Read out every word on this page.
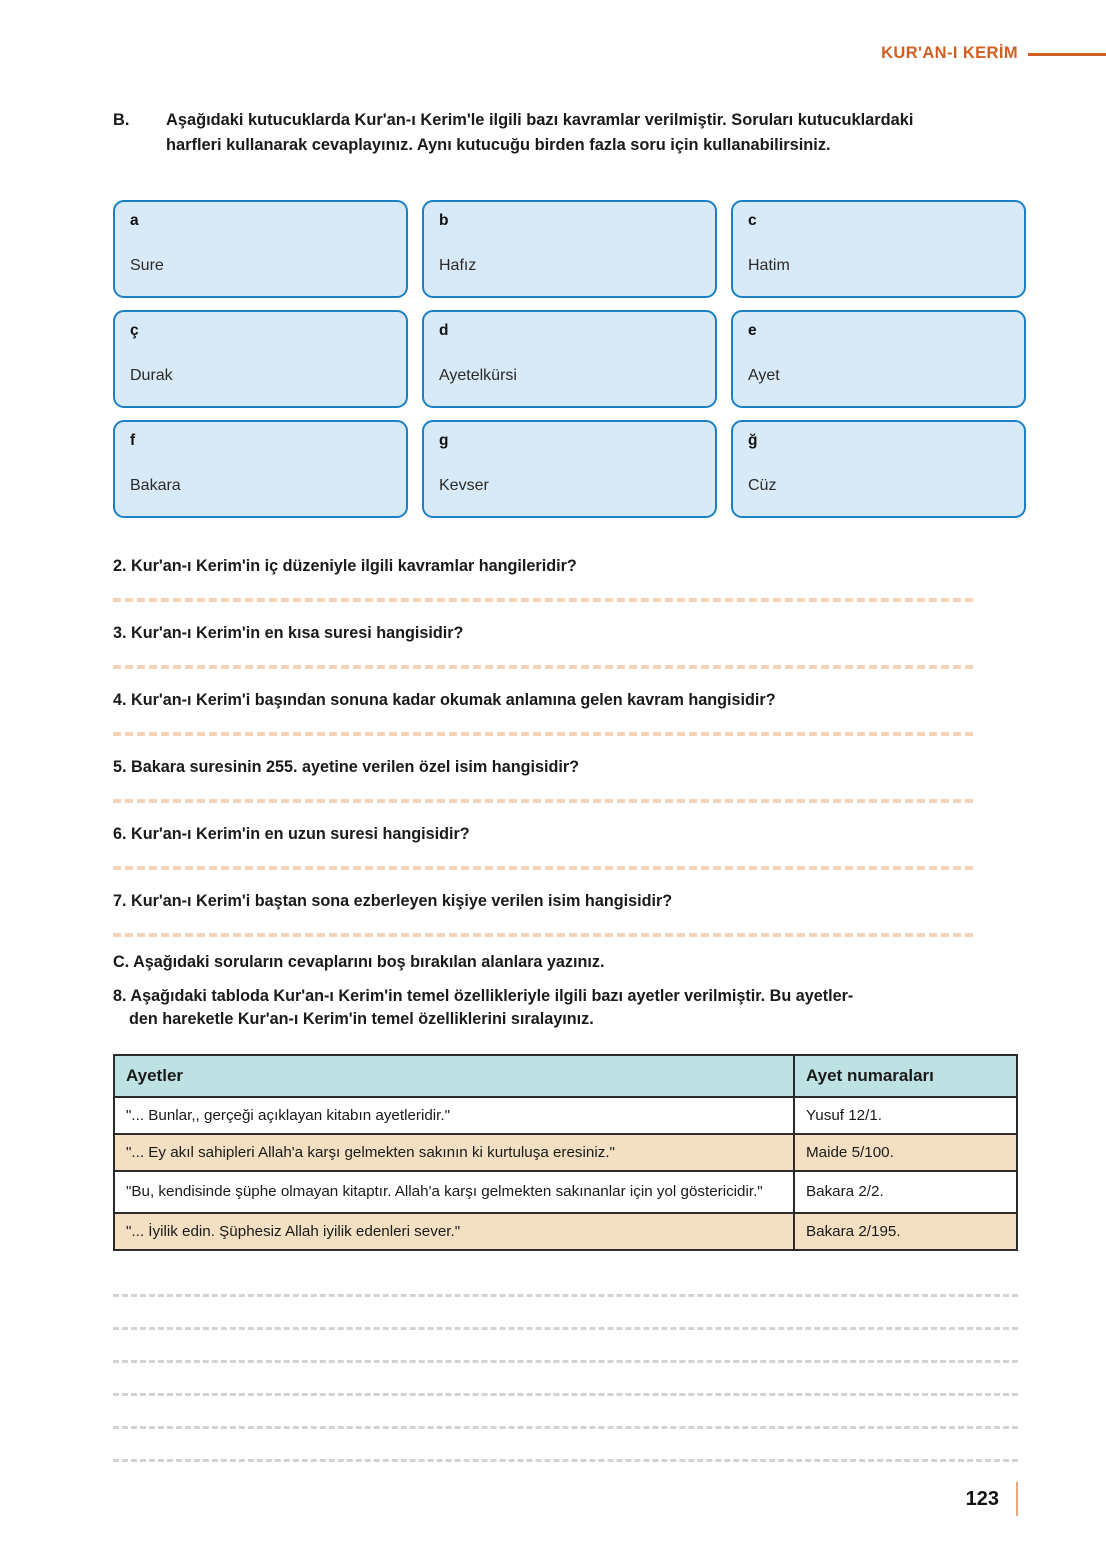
KUR'AN-I KERİM
B.	Aşağıdaki kutucuklarda Kur'an-ı Kerim'le ilgili bazı kavramlar verilmiştir. Soruları kutucuklardaki harfleri kullanarak cevaplayınız. Aynı kutucuğu birden fazla soru için kullanabilirsiniz.
a
Sure
b
Hafız
c
Hatim
ç
Durak
d
Ayetelkürsi
e
Ayet
f
Bakara
g
Kevser
ğ
Cüz
2. Kur'an-ı Kerim'in iç düzeniyle ilgili kavramlar hangileridir?
3. Kur'an-ı Kerim'in en kısa suresi hangisidir?
4. Kur'an-ı Kerim'i başından sonuna kadar okumak anlamına gelen kavram hangisidir?
5. Bakara suresinin 255. ayetine verilen özel isim hangisidir?
6. Kur'an-ı Kerim'in en uzun suresi hangisidir?
7. Kur'an-ı Kerim'i baştan sona ezberleyen kişiye verilen isim hangisidir?
C. Aşağıdaki soruların cevaplarını boş bırakılan alanlara yazınız.
8. Aşağıdaki tabloda Kur'an-ı Kerim'in temel özellikleriyle ilgili bazı ayetler verilmiştir. Bu ayetler-
den hareketle Kur'an-ı Kerim'in temel özelliklerini sıralayınız.
Ayetler	Ayet numaraları
"... Bunlar,, gerçeği açıklayan kitabın ayetleridir."	Yusuf 12/1.
"... Ey akıl sahipleri Allah'a karşı gelmekten sakının ki kurtuluşa eresiniz."	Maide 5/100.
"Bu, kendisinde şüphe olmayan kitaptır. Allah'a karşı gelmekten sakınanlar için yol göstericidir."	Bakara 2/2.
"... İyilik edin. Şüphesiz Allah iyilik edenleri sever."	Bakara 2/195.
123
